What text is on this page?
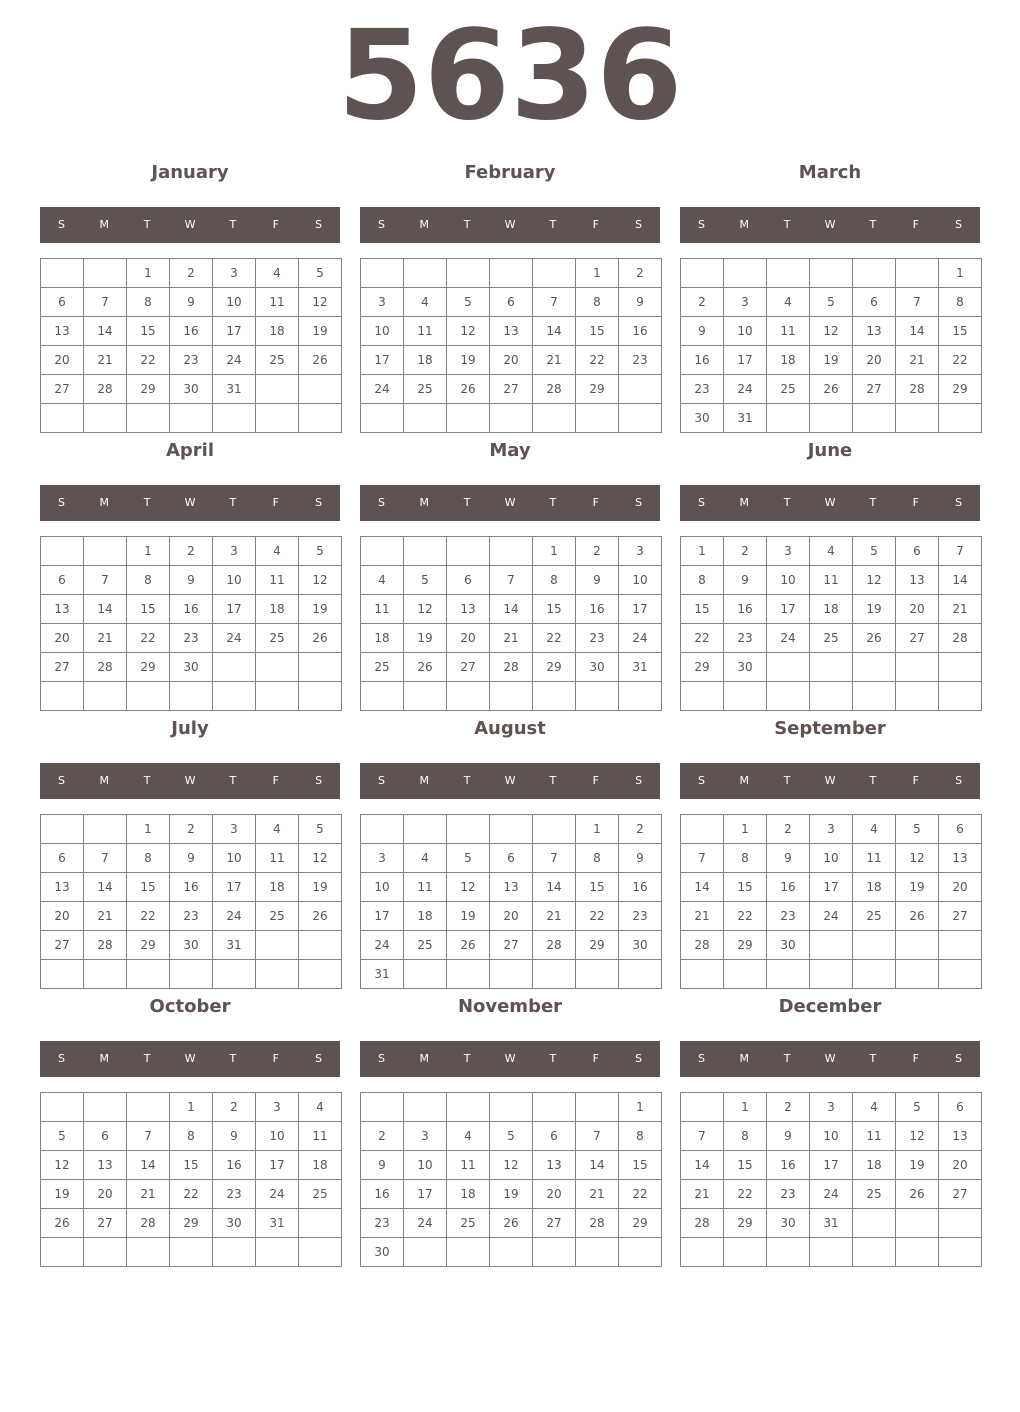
5636
January
S	M	T	W	T	F	S
		1	2	3	4	5
6	7	8	9	10	11	12
13	14	15	16	17	18	19
20	21	22	23	24	25	26
27	28	29	30	31		

February
S	M	T	W	T	F	S
					1	2
3	4	5	6	7	8	9
10	11	12	13	14	15	16
17	18	19	20	21	22	23
24	25	26	27	28	29	

March
S	M	T	W	T	F	S
						1
2	3	4	5	6	7	8
9	10	11	12	13	14	15
16	17	18	19	20	21	22
23	24	25	26	27	28	29
30	31					
April
S	M	T	W	T	F	S
		1	2	3	4	5
6	7	8	9	10	11	12
13	14	15	16	17	18	19
20	21	22	23	24	25	26
27	28	29	30			

May
S	M	T	W	T	F	S
				1	2	3
4	5	6	7	8	9	10
11	12	13	14	15	16	17
18	19	20	21	22	23	24
25	26	27	28	29	30	31

June
S	M	T	W	T	F	S
1	2	3	4	5	6	7
8	9	10	11	12	13	14
15	16	17	18	19	20	21
22	23	24	25	26	27	28
29	30					

July
S	M	T	W	T	F	S
		1	2	3	4	5
6	7	8	9	10	11	12
13	14	15	16	17	18	19
20	21	22	23	24	25	26
27	28	29	30	31		

August
S	M	T	W	T	F	S
					1	2
3	4	5	6	7	8	9
10	11	12	13	14	15	16
17	18	19	20	21	22	23
24	25	26	27	28	29	30
31						
September
S	M	T	W	T	F	S
	1	2	3	4	5	6
7	8	9	10	11	12	13
14	15	16	17	18	19	20
21	22	23	24	25	26	27
28	29	30				

October
S	M	T	W	T	F	S
			1	2	3	4
5	6	7	8	9	10	11
12	13	14	15	16	17	18
19	20	21	22	23	24	25
26	27	28	29	30	31	

November
S	M	T	W	T	F	S
						1
2	3	4	5	6	7	8
9	10	11	12	13	14	15
16	17	18	19	20	21	22
23	24	25	26	27	28	29
30						
December
S	M	T	W	T	F	S
	1	2	3	4	5	6
7	8	9	10	11	12	13
14	15	16	17	18	19	20
21	22	23	24	25	26	27
28	29	30	31			
